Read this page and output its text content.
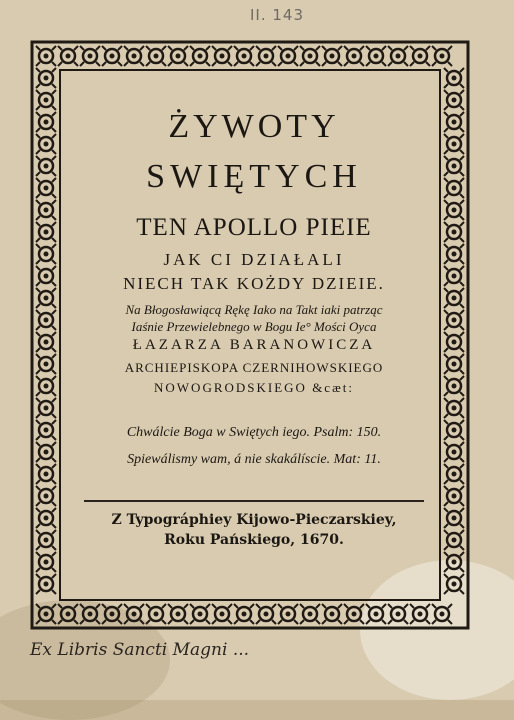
II. 143
ŻYWOTY
SWIĘTYCH
TEN APOLLO PIEIE
JAK CI DZIAŁALI
NIECH TAK KOŻDY DZIEIE.
Na Błogosławiącą Rękę Iako na Takt iaki patrząc
Iaśnie Przewielebnego w Bogu Ie° Mości Oyca
ŁAZARZA BARANOWICZA
ARCHIEPISKOPA CZERNIHOWSKIEGO
NOWOGRODSKIEGO &cæt:
Chwálcie Boga w Swiętych iego. Psalm: 150.
Spiewálismy wam, á nie skakálíscie. Mat: 11.
Z Typográphiey Kijowo-Pieczarskiey,
Roku Pańskiego, 1670.
Ex Libris Sancti Magni ...
